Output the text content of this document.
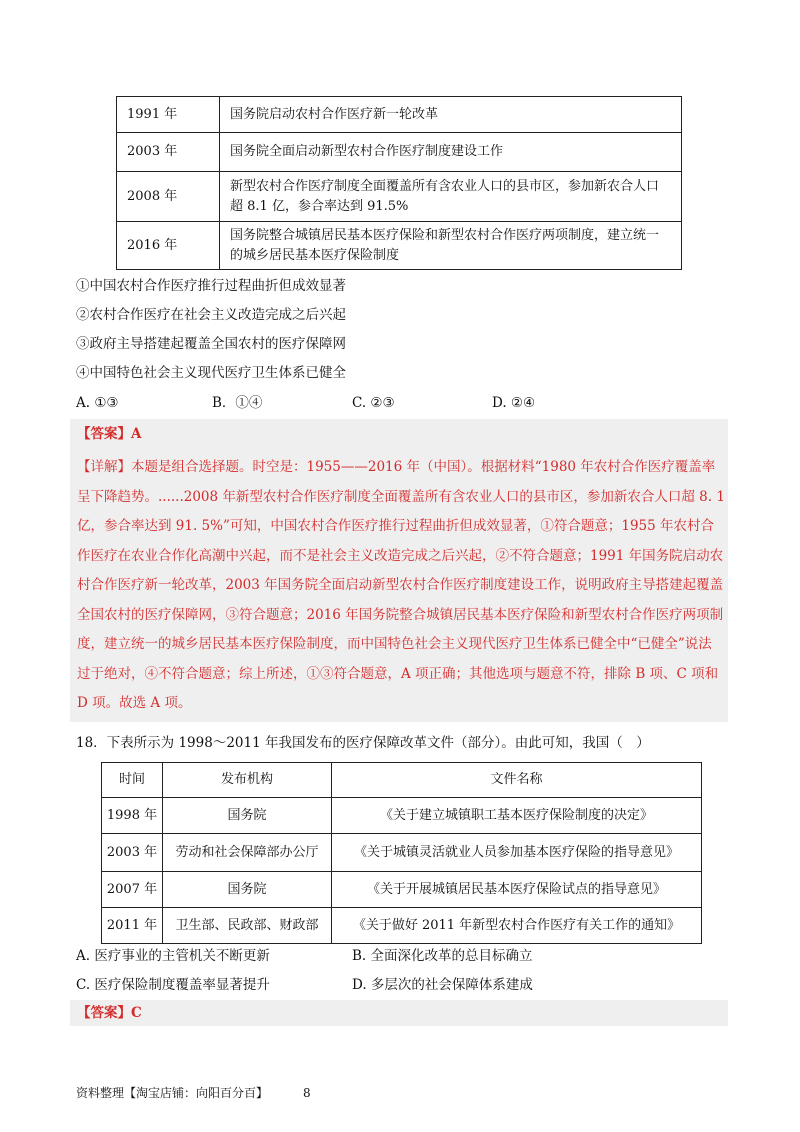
1991 年	国务院启动农村合作医疗新一轮改革
2003 年	国务院全面启动新型农村合作医疗制度建设工作
2008 年	新型农村合作医疗制度全面覆盖所有含农业人口的县市区，参加新农合人口超 8.1 亿，参合率达到 91.5%
2016 年	国务院整合城镇居民基本医疗保险和新型农村合作医疗两项制度，建立统一的城乡居民基本医疗保险制度
①中国农村合作医疗推行过程曲折但成效显著
②农村合作医疗在社会主义改造完成之后兴起
③政府主导搭建起覆盖全国农村的医疗保障网
④中国特色社会主义现代医疗卫生体系已健全
A. ①③	B．①④	C. ②③	D. ②④
【答案】A
【详解】本题是组合选择题。时空是：1955——2016 年（中国）。根据材料“1980 年农村合作医疗覆盖率呈下降趋势。......2008 年新型农村合作医疗制度全面覆盖所有含农业人口的县市区，参加新农合人口超 8. 1 亿，参合率达到 91. 5%”可知，中国农村合作医疗推行过程曲折但成效显著，①符合题意；1955 年农村合作医疗在农业合作化高潮中兴起，而不是社会主义改造完成之后兴起，②不符合题意；1991 年国务院启动农村合作医疗新一轮改革，2003 年国务院全面启动新型农村合作医疗制度建设工作，说明政府主导搭建起覆盖全国农村的医疗保障网，③符合题意；2016 年国务院整合城镇居民基本医疗保险和新型农村合作医疗两项制度，建立统一的城乡居民基本医疗保险制度，而中国特色社会主义现代医疗卫生体系已健全中“已健全”说法过于绝对，④不符合题意；综上所述，①③符合题意，A 项正确；其他选项与题意不符，排除 B 项、C 项和 D 项。故选 A 项。
18．下表所示为 1998～2011 年我国发布的医疗保障改革文件（部分）。由此可知，我国（　）
时间	发布机构	文件名称
1998 年	国务院	《关于建立城镇职工基本医疗保险制度的决定》
2003 年	劳动和社会保障部办公厅	《关于城镇灵活就业人员参加基本医疗保险的指导意见》
2007 年	国务院	《关于开展城镇居民基本医疗保险试点的指导意见》
2011 年	卫生部、民政部、财政部	《关于做好 2011 年新型农村合作医疗有关工作的通知》
A. 医疗事业的主管机关不断更新	B. 全面深化改革的总目标确立
C. 医疗保险制度覆盖率显著提升	D. 多层次的社会保障体系建成
【答案】C
资料整理【淘宝店铺：向阳百分百】	8
